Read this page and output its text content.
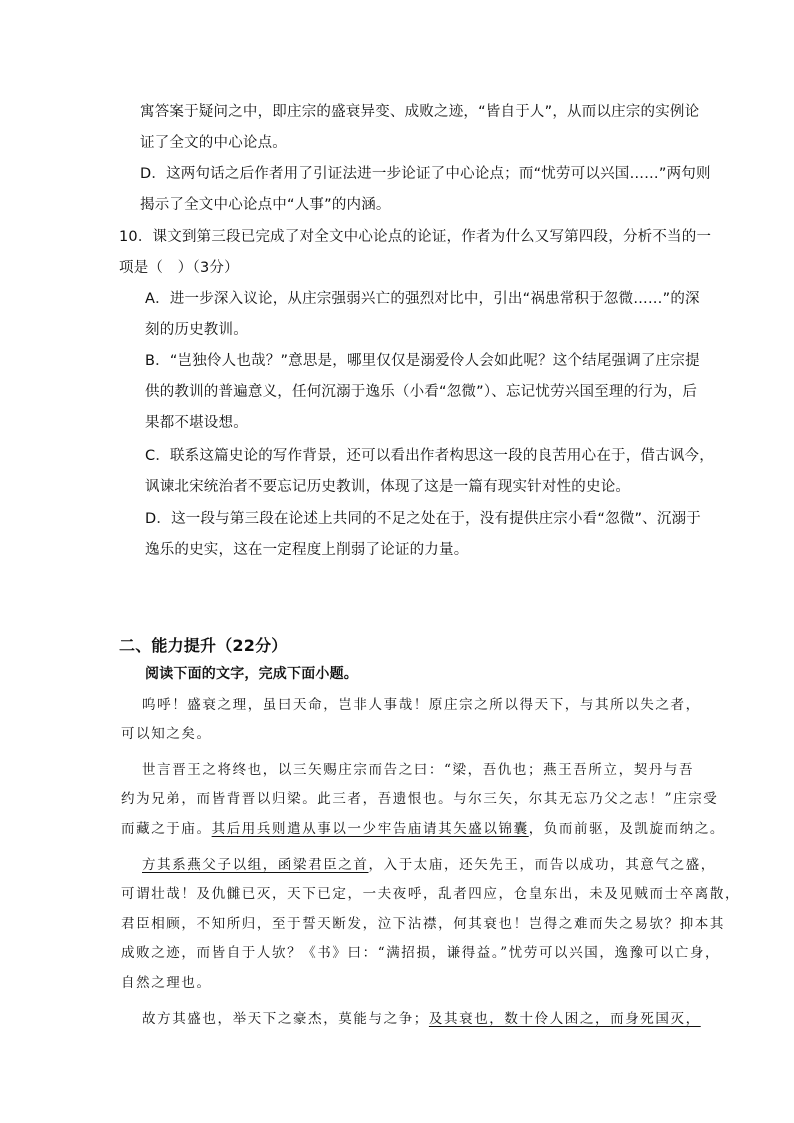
寓答案于疑问之中，即庄宗的盛衰异变、成败之迹，“皆自于人”，从而以庄宗的实例论
证了全文的中心论点。
D．这两句话之后作者用了引证法进一步论证了中心论点；而“忧劳可以兴国……”两句则
揭示了全文中心论点中“人事”的内涵。
10．课文到第三段已完成了对全文中心论点的论证，作者为什么又写第四段，分析不当的一
项是（　）（3分）
A．进一步深入议论，从庄宗强弱兴亡的强烈对比中，引出“祸患常积于忽微……”的深
刻的历史教训。
B．“岂独伶人也哉？”意思是，哪里仅仅是溺爱伶人会如此呢？这个结尾强调了庄宗提
供的教训的普遍意义，任何沉溺于逸乐（小看“忽微”）、忘记忧劳兴国至理的行为，后
果都不堪设想。
C．联系这篇史论的写作背景，还可以看出作者构思这一段的良苦用心在于，借古讽今，
讽谏北宋统治者不要忘记历史教训，体现了这是一篇有现实针对性的史论。
D．这一段与第三段在论述上共同的不足之处在于，没有提供庄宗小看“忽微”、沉溺于
逸乐的史实，这在一定程度上削弱了论证的力量。
二、能力提升（22分）
阅读下面的文字，完成下面小题。
呜呼！盛衰之理，虽曰天命，岂非人事哉！原庄宗之所以得天下，与其所以失之者，
可以知之矣。
世言晋王之将终也，以三矢赐庄宗而告之曰：“梁，吾仇也；燕王吾所立，契丹与吾
约为兄弟，而皆背晋以归梁。此三者，吾遗恨也。与尔三矢，尔其无忘乃父之志！”庄宗受
而藏之于庙。其后用兵则遣从事以一少牢告庙请其矢盛以锦囊，负而前驱，及凯旋而纳之。
方其系燕父子以组，函梁君臣之首，入于太庙，还矢先王，而告以成功，其意气之盛，
可谓壮哉！及仇雠已灭，天下已定，一夫夜呼，乱者四应，仓皇东出，未及见贼而士卒离散，
君臣相顾，不知所归，至于誓天断发，泣下沾襟，何其衰也！岂得之难而失之易欤？抑本其
成败之迹，而皆自于人欤？《书》曰：“满招损，谦得益。”忧劳可以兴国，逸豫可以亡身，
自然之理也。
故方其盛也，举天下之豪杰，莫能与之争；及其衰也，数十伶人困之，而身死国灭，
